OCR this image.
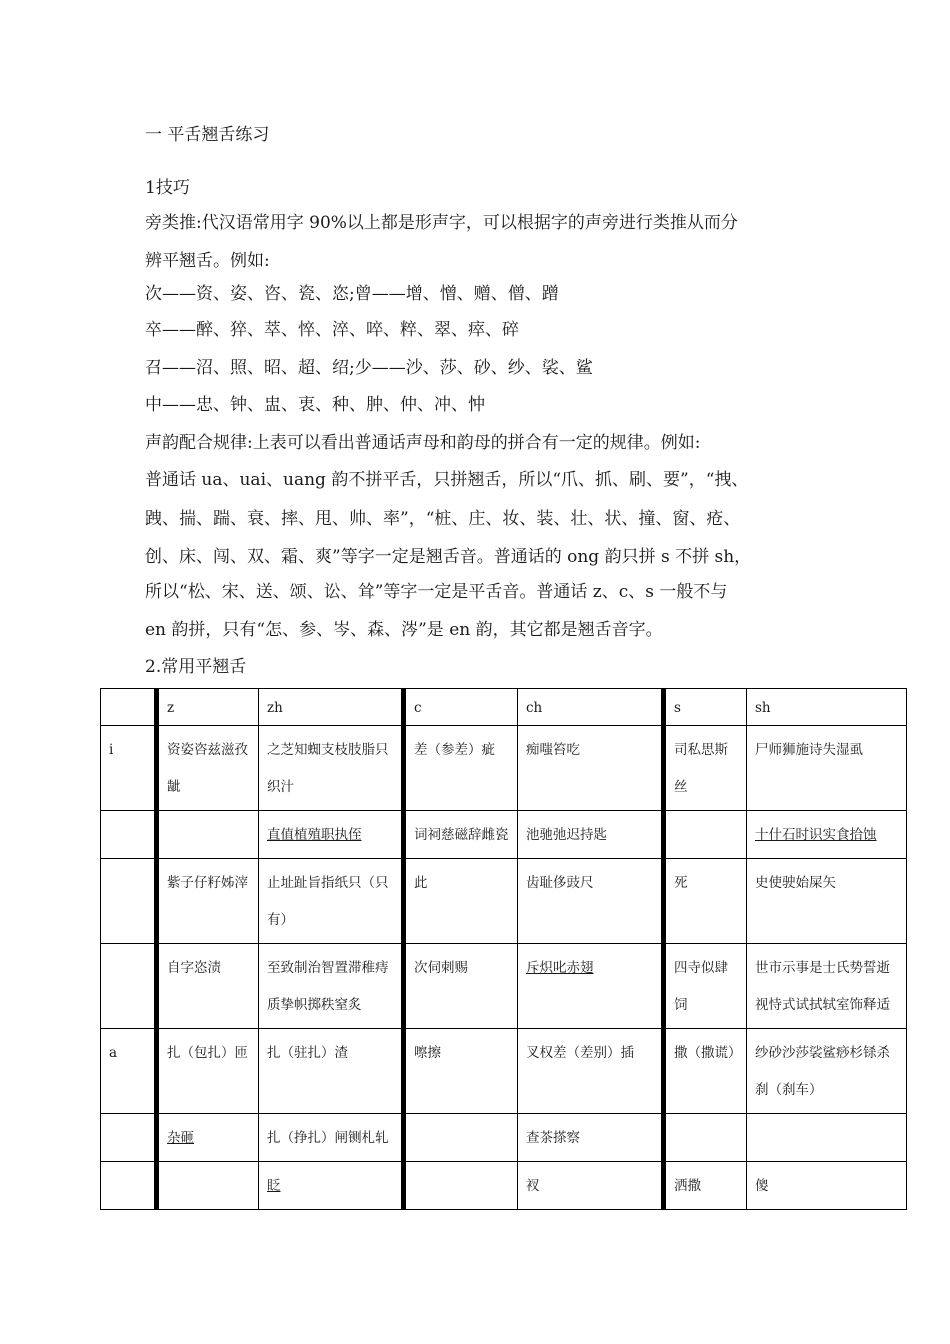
一 平舌翘舌练习
1技巧
旁类推:代汉语常用字 90%以上都是形声字，可以根据字的声旁进行类推从而分
辨平翘舌。例如:
次——资、姿、咨、瓷、恣;曾——增、憎、赠、僧、蹭
卒——醉、猝、萃、悴、淬、啐、粹、翠、瘁、碎
召——沼、照、昭、超、绍;少——沙、莎、砂、纱、裟、鲨
中——忠、钟、盅、衷、种、肿、仲、冲、忡
声韵配合规律:上表可以看出普通话声母和韵母的拼合有一定的规律。例如:
普通话 ua、uai、uang 韵不拼平舌，只拼翘舌，所以“爪、抓、刷、要”，“拽、
跩、揣、踹、衰、摔、甩、帅、率”，“桩、庄、妆、装、壮、状、撞、窗、疮、
创、床、闯、双、霜、爽”等字一定是翘舌音。普通话的 ong 韵只拼 s 不拼 sh，
所以“松、宋、送、颂、讼、耸”等字一定是平舌音。普通话 z、c、s 一般不与
en 韵拼，只有“怎、参、岑、森、涔”是 en 韵，其它都是翘舌音字。
2.常用平翘舌
	z	zh	c	ch	s	sh
i	资姿咨兹滋孜龇	之芝知蜘支枝肢脂只织汁	差（参差）疵	痴嗤笞吃	司私思斯丝	尸师狮施诗失湿虱
		直值植殖职执侄	词祠慈磁辞雌瓷	池驰弛迟持匙		十什石时识实食拾蚀
	紫子仔籽姊滓	止址趾旨指纸只（只有）	此	齿耻侈豉尺	死	史使驶始屎矢
	自字恣渍	至致制治智置滞稚痔 质挚帜掷秩窒炙	次伺刺赐	斥炽叱赤翅	四寺似肆饲	世市示事是士氏势誓逝视恃式试拭轼室饰释适
a	扎（包扎）匝	扎（驻扎）渣	嚓擦	叉权差（差别）插	撒（撒谎）	纱砂沙莎裟鲨痧杉铩杀刹（刹车）
	杂砸	扎（挣扎）闸铡札轧		查茶搽察		
		眨		衩	洒撒	傻
